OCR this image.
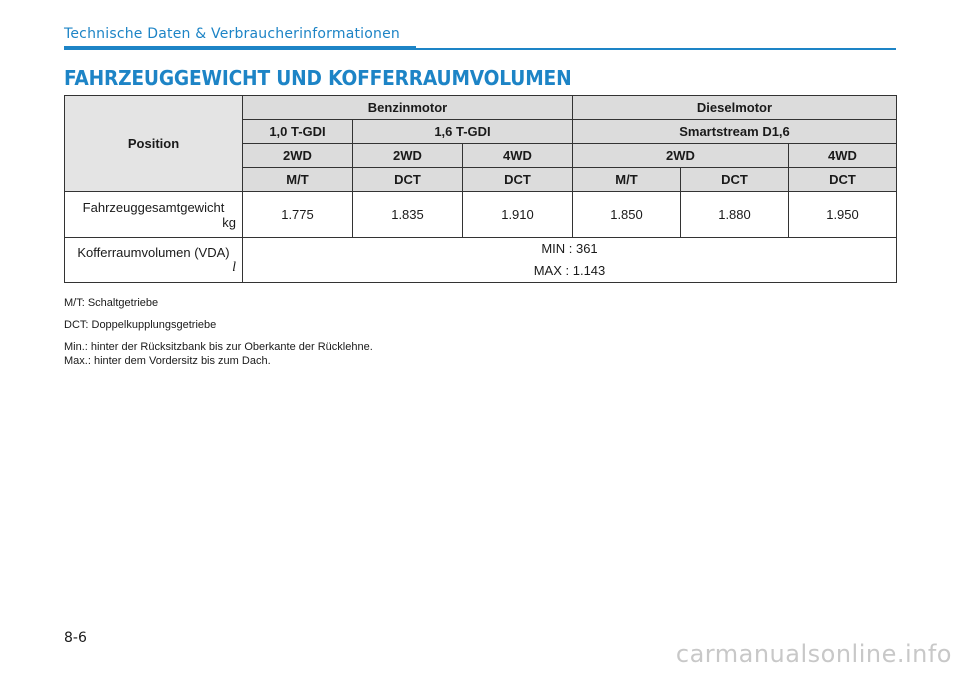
Technische Daten & Verbraucherinformationen
FAHRZEUGGEWICHT UND KOFFERRAUMVOLUMEN
Position	Benzinmotor			Dieselmotor		
	1,0 T-GDI	1,6 T-GDI		Smartstream D1,6		
	2WD	2WD	4WD	2WD		4WD
	M/T	DCT	DCT	M/T	DCT	DCT

Fahrzeuggesamtgewicht
kg	1.775	1.835	1.910	1.850	1.880	1.950

Kofferraumvolumen (VDA)
l	MIN : 361
MAX : 1.143					

M/T: Schaltgetriebe

DCT: Doppelkupplungsgetriebe

Min.: hinter der Rücksitzbank bis zur Oberkante der Rücklehne.

Max.: hinter dem Vordersitz bis zum Dach.

8-6
carmanualsonline.info
